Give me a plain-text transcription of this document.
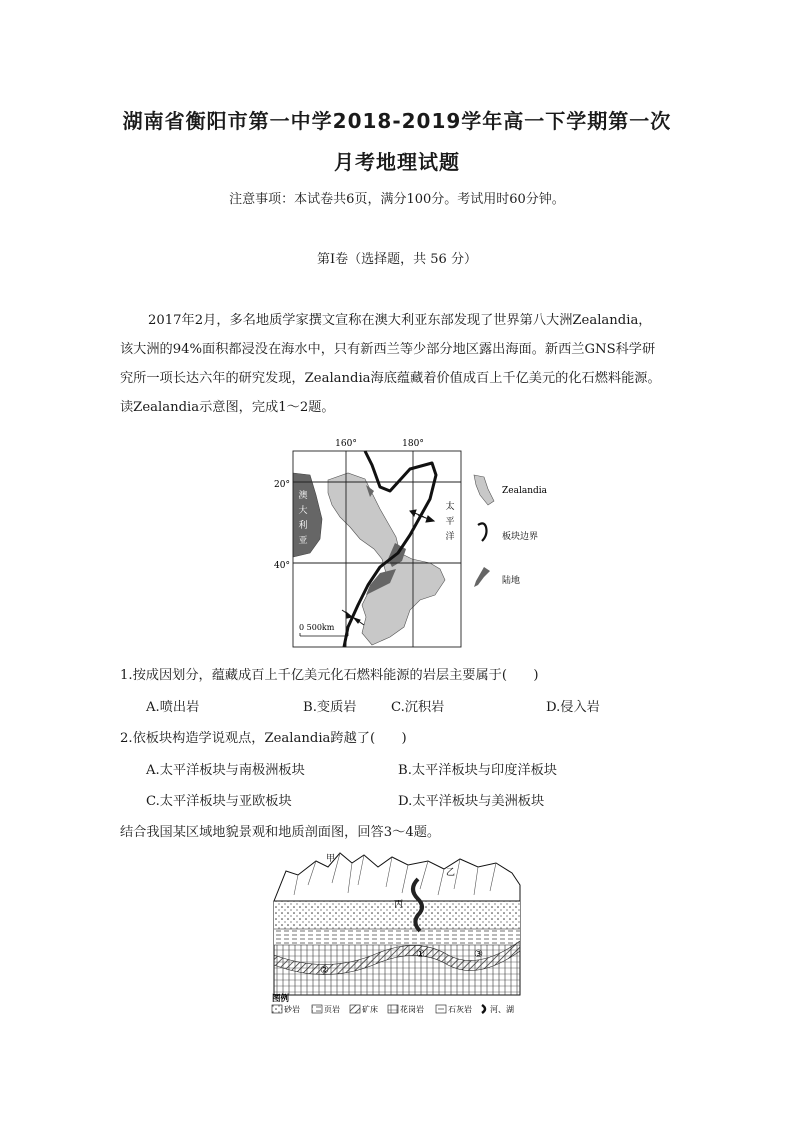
湖南省衡阳市第一中学2018-2019学年高一下学期第一次
月考地理试题
注意事项：本试卷共6页，满分100分。考试用时60分钟。
第Ⅰ卷（选择题，共 56 分）

2017年2月，多名地质学家撰文宣称在澳大利亚东部发现了世界第八大洲Zealandia，

该大洲的94%面积都浸没在海水中，只有新西兰等少部分地区露出海面。新西兰GNS科学研

究所一项长达六年的研究发现，Zealandia海底蕴藏着价值成百上千亿美元的化石燃料能源。

读Zealandia示意图，完成1～2题。

160°	180°
20°
40°
澳
大
利
亚
太
平
洋
0 500km
Zealandia
板块边界
陆地
1.按成因划分，蕴藏成百上千亿美元化石燃料能源的岩层主要属于(　　)
A.喷出岩	B.变质岩	C.沉积岩	D.侵入岩
2.依板块构造学说观点，Zealandia跨越了(　　)
A.太平洋板块与南极洲板块	B.太平洋板块与印度洋板块
C.太平洋板块与亚欧板块	D.太平洋板块与美洲板块
结合我国某区域地貌景观和地质剖面图，回答3～4题。
甲
乙
丙
①
②
③
图例
砂岩	页岩	矿床	花岗岩	石灰岩 河、湖
